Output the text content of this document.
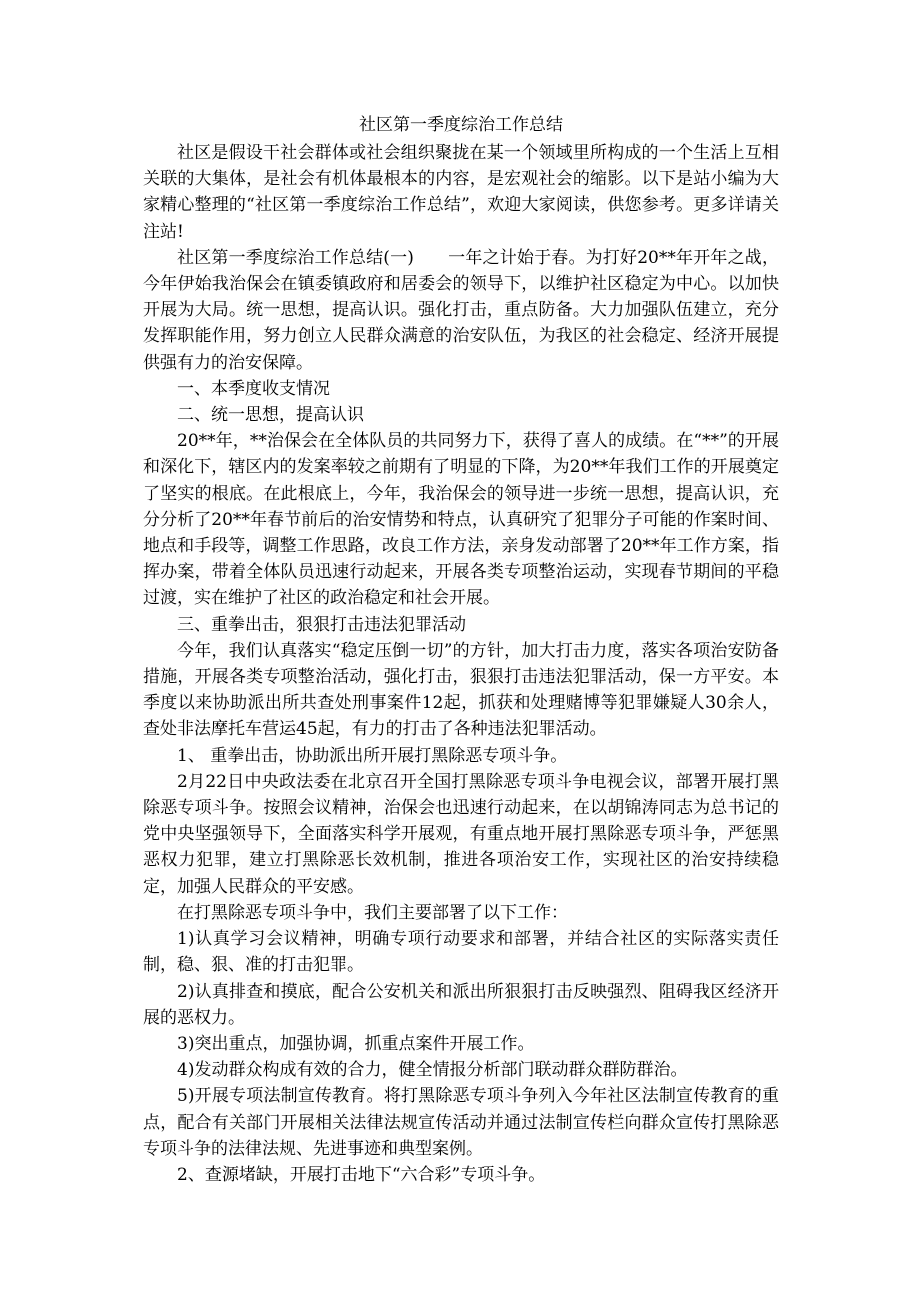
社区第一季度综治工作总结

社区是假设干社会群体或社会组织聚拢在某一个领域里所构成的一个生活上互相关联的大集体，是社会有机体最根本的内容，是宏观社会的缩影。以下是站小编为大家精心整理的“社区第一季度综治工作总结”，欢迎大家阅读，供您参考。更多详请关注站!

社区第一季度综治工作总结(一) 一年之计始于春。为打好20**年开年之战，今年伊始我治保会在镇委镇政府和居委会的领导下，以维护社区稳定为中心。以加快开展为大局。统一思想，提高认识。强化打击，重点防备。大力加强队伍建立，充分发挥职能作用，努力创立人民群众满意的治安队伍，为我区的社会稳定、经济开展提供强有力的治安保障。

一、本季度收支情况

二、统一思想，提高认识

20**年，**治保会在全体队员的共同努力下，获得了喜人的成绩。在“**”的开展和深化下，辖区内的发案率较之前期有了明显的下降，为20**年我们工作的开展奠定了坚实的根底。在此根底上，今年，我治保会的领导进一步统一思想，提高认识，充分分析了20**年春节前后的治安情势和特点，认真研究了犯罪分子可能的作案时间、地点和手段等，调整工作思路，改良工作方法，亲身发动部署了20**年工作方案，指挥办案，带着全体队员迅速行动起来，开展各类专项整治运动，实现春节期间的平稳过渡，实在维护了社区的政治稳定和社会开展。

三、重拳出击，狠狠打击违法犯罪活动

今年，我们认真落实“稳定压倒一切”的方针，加大打击力度，落实各项治安防备措施，开展各类专项整治活动，强化打击，狠狠打击违法犯罪活动，保一方平安。本季度以来协助派出所共查处刑事案件12起，抓获和处理赌博等犯罪嫌疑人30余人，查处非法摩托车营运45起，有力的打击了各种违法犯罪活动。

1、 重拳出击，协助派出所开展打黑除恶专项斗争。

2月22日中央政法委在北京召开全国打黑除恶专项斗争电视会议，部署开展打黑除恶专项斗争。按照会议精神，治保会也迅速行动起来，在以胡锦涛同志为总书记的党中央坚强领导下，全面落实科学开展观，有重点地开展打黑除恶专项斗争，严惩黑恶权力犯罪，建立打黑除恶长效机制，推进各项治安工作，实现社区的治安持续稳定，加强人民群众的平安感。

在打黑除恶专项斗争中，我们主要部署了以下工作：

1)认真学习会议精神，明确专项行动要求和部署，并结合社区的实际落实责任制，稳、狠、准的打击犯罪。

2)认真排查和摸底，配合公安机关和派出所狠狠打击反映强烈、阻碍我区经济开展的恶权力。

3)突出重点，加强协调，抓重点案件开展工作。

4)发动群众构成有效的合力，健全情报分析部门联动群众群防群治。

5)开展专项法制宣传教育。将打黑除恶专项斗争列入今年社区法制宣传教育的重点，配合有关部门开展相关法律法规宣传活动并通过法制宣传栏向群众宣传打黑除恶专项斗争的法律法规、先进事迹和典型案例。

2、查源堵缺，开展打击地下“六合彩”专项斗争。
